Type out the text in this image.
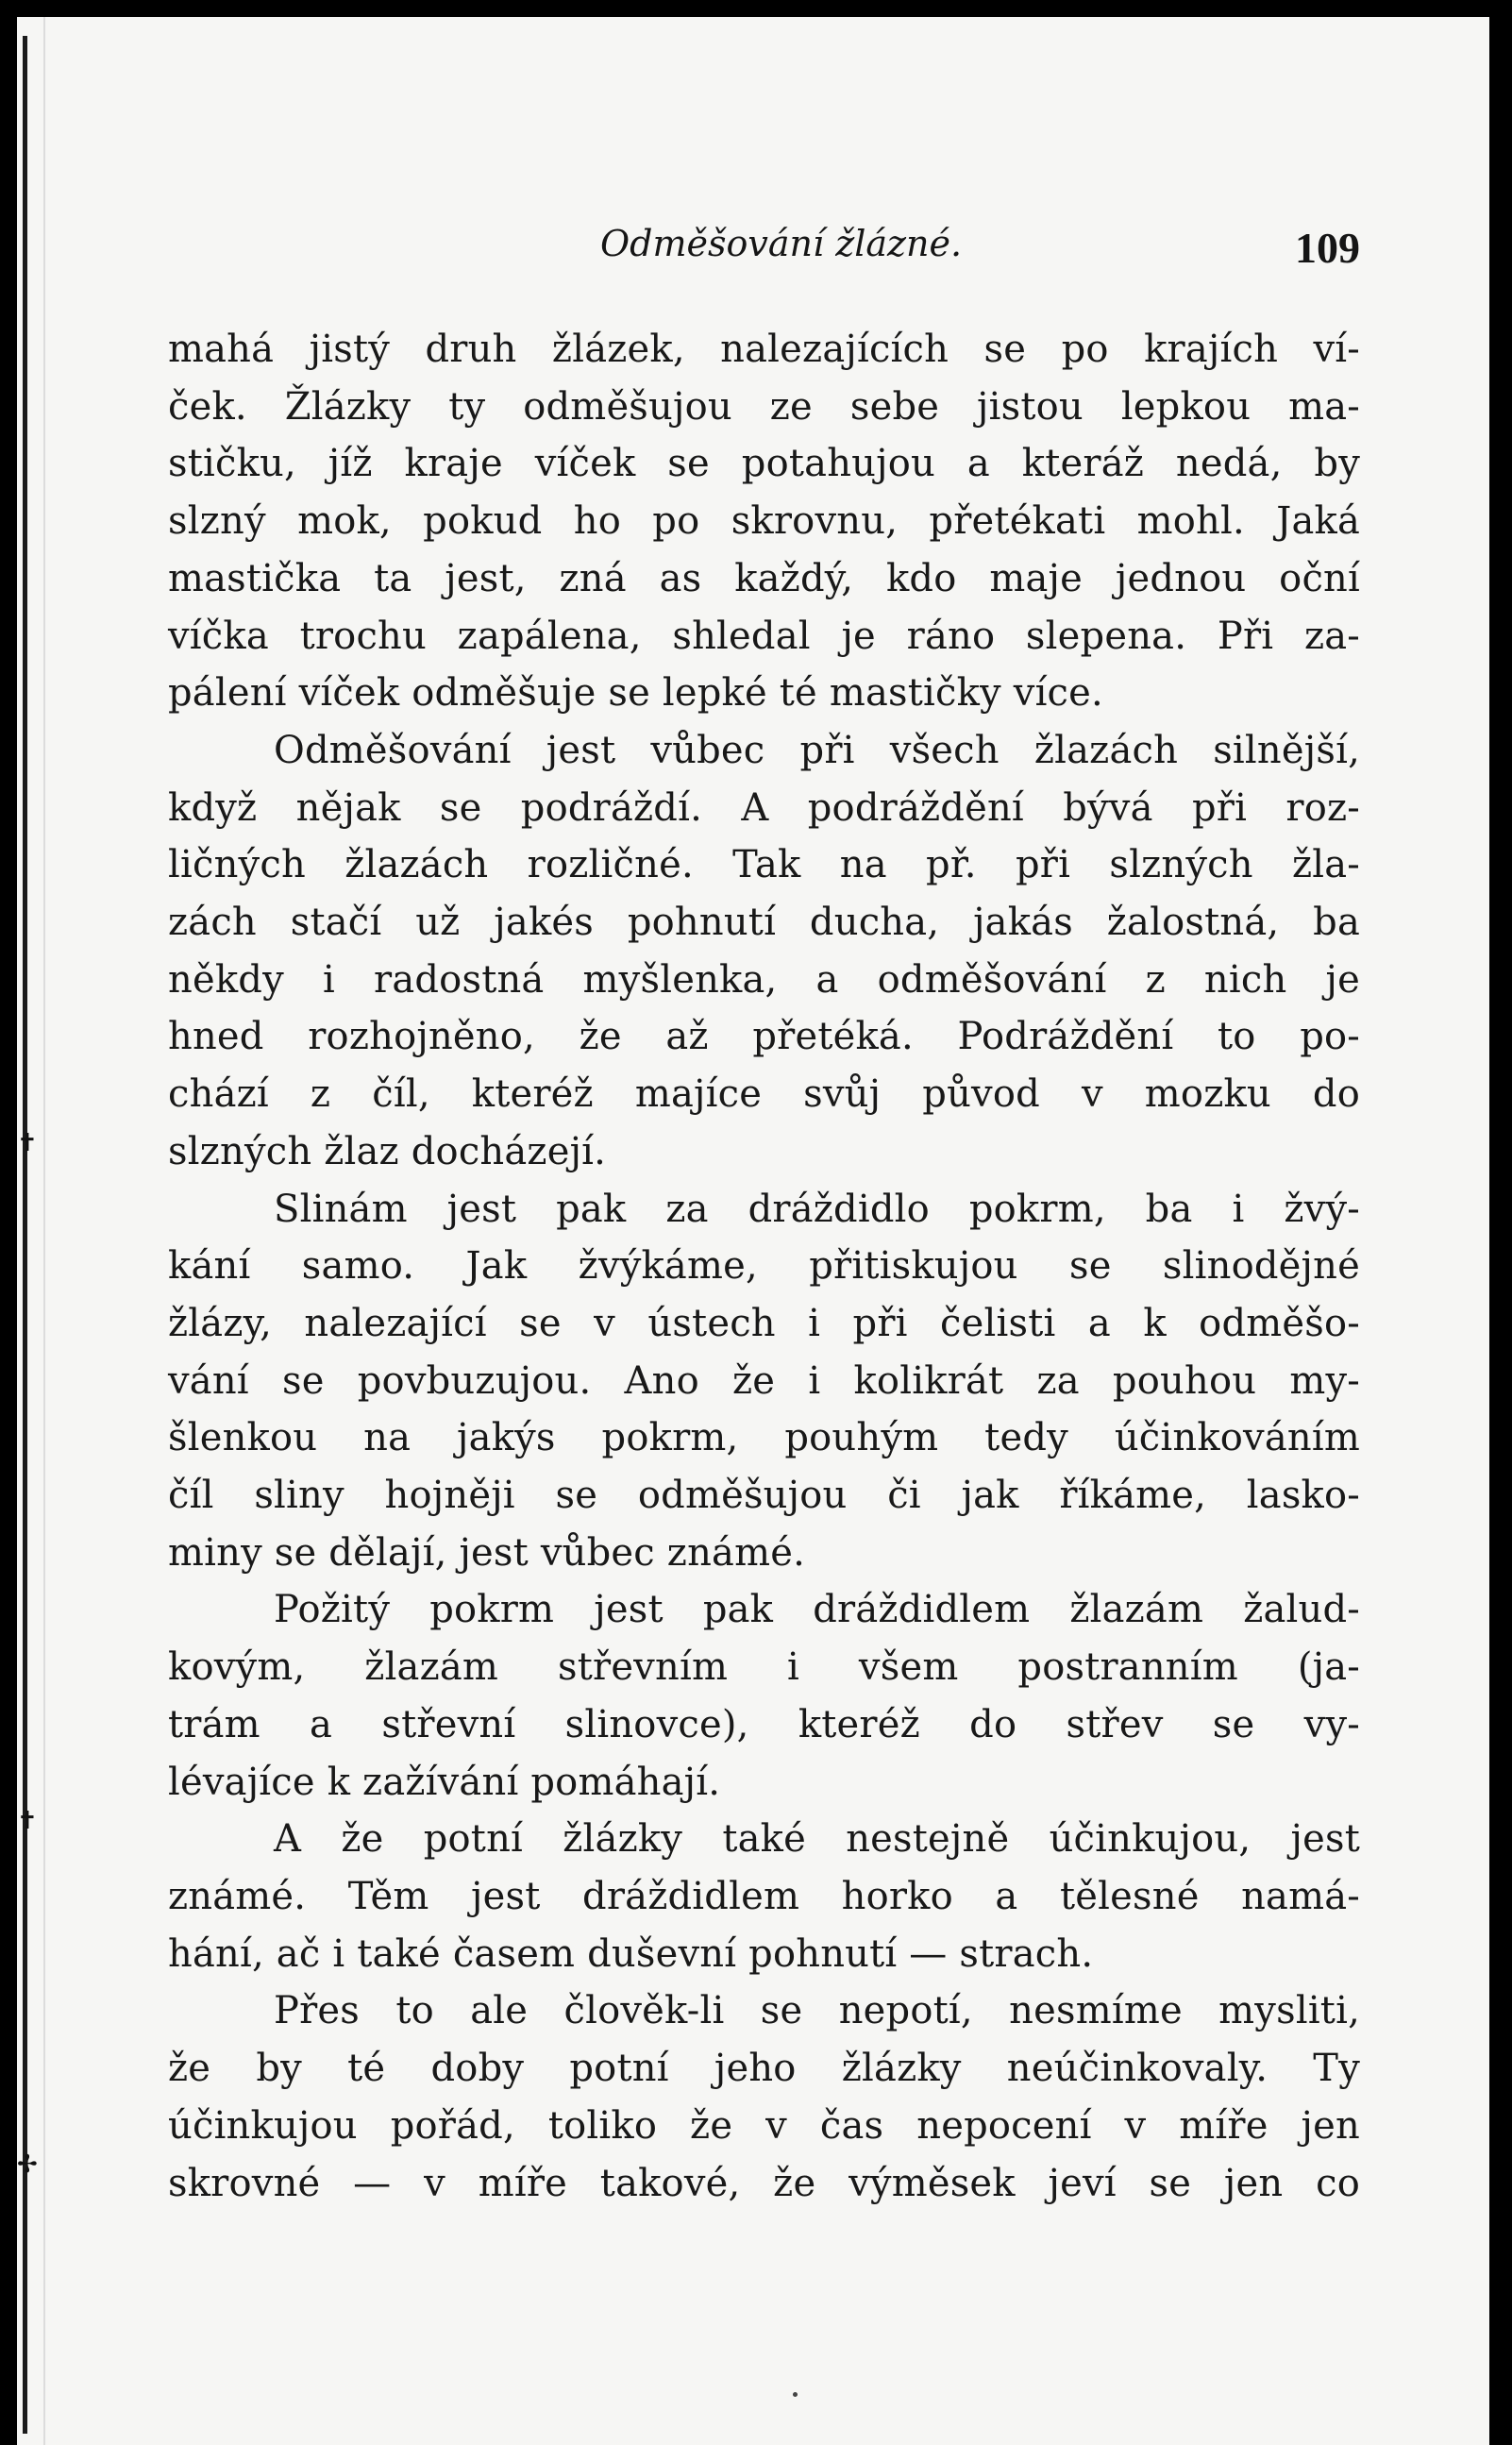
✝
✝
✢
Odměšování žlázné.	109
mahá jistý druh žlázek, nalezajících se po krajích ví-
ček. Žlázky ty odměšujou ze sebe jistou lepkou ma-
stičku, jíž kraje víček se potahujou a kteráž nedá, by
slzný mok, pokud ho po skrovnu, přetékati mohl. Jaká
mastička ta jest, zná as každý, kdo maje jednou oční
víčka trochu zapálena, shledal je ráno slepena. Při za-
pálení víček odměšuje se lepké té mastičky více.
Odměšování jest vůbec při všech žlazách silnější,
když nějak se podráždí. A podráždění bývá při roz-
ličných žlazách rozličné. Tak na př. při slzných žla-
zách stačí už jakés pohnutí ducha, jakás žalostná, ba
někdy i radostná myšlenka, a odměšování z nich je
hned rozhojněno, že až přetéká. Podráždění to po-
chází z číl, kteréž majíce svůj původ v mozku do
slzných žlaz docházejí.
Slinám jest pak za dráždidlo pokrm, ba i žvý-
kání samo. Jak žvýkáme, přitiskujou se slinodějné
žlázy, nalezající se v ústech i při čelisti a k odměšo-
vání se povbuzujou. Ano že i kolikrát za pouhou my-
šlenkou na jakýs pokrm, pouhým tedy účinkováním
číl sliny hojněji se odměšujou či jak říkáme, lasko-
miny se dělají, jest vůbec známé.
Požitý pokrm jest pak dráždidlem žlazám žalud-
kovým, žlazám střevním i všem postranním (ja-
trám a střevní slinovce), kteréž do střev se vy-
lévajíce k zažívání pomáhají.
A že potní žlázky také nestejně účinkujou, jest
známé. Těm jest dráždidlem horko a tělesné namá-
hání, ač i také časem duševní pohnutí — strach.
Přes to ale člověk-li se nepotí, nesmíme mysliti,
že by té doby potní jeho žlázky neúčinkovaly. Ty
účinkujou pořád, toliko že v čas nepocení v míře jen
skrovné — v míře takové, že výměsek jeví se jen co
